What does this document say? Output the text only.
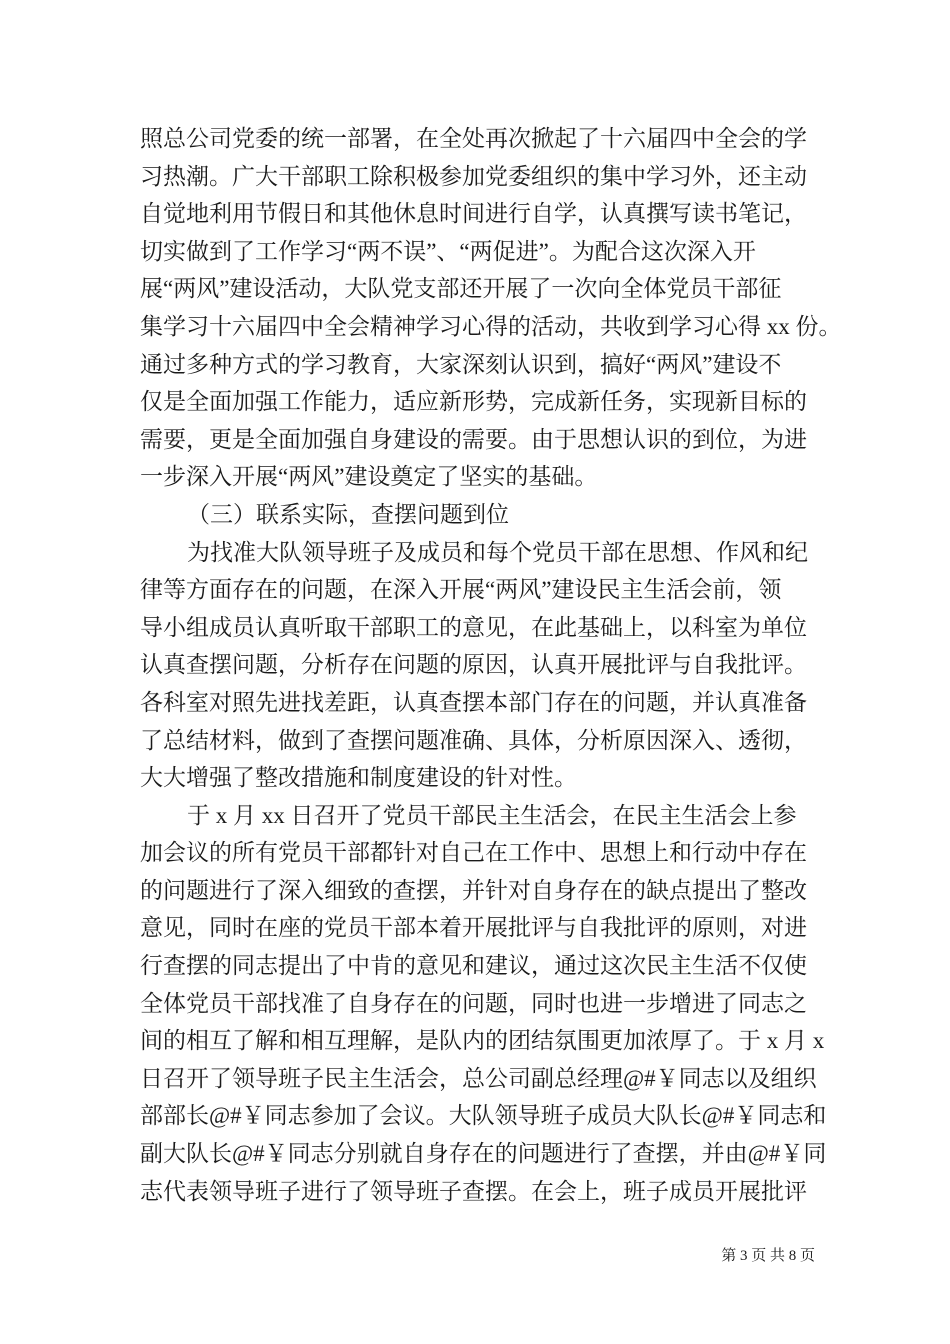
照总公司党委的统一部署，在全处再次掀起了十六届四中全会的学
习热潮。广大干部职工除积极参加党委组织的集中学习外，还主动
自觉地利用节假日和其他休息时间进行自学，认真撰写读书笔记，
切实做到了工作学习“两不误”、“两促进”。为配合这次深入开
展“两风”建设活动，大队党支部还开展了一次向全体党员干部征
集学习十六届四中全会精神学习心得的活动，共收到学习心得 xx 份。
通过多种方式的学习教育，大家深刻认识到，搞好“两风”建设不
仅是全面加强工作能力，适应新形势，完成新任务，实现新目标的
需要，更是全面加强自身建设的需要。由于思想认识的到位，为进
一步深入开展“两风”建设奠定了坚实的基础。
（三）联系实际，查摆问题到位
为找准大队领导班子及成员和每个党员干部在思想、作风和纪
律等方面存在的问题，在深入开展“两风”建设民主生活会前，领
导小组成员认真听取干部职工的意见，在此基础上，以科室为单位
认真查摆问题，分析存在问题的原因，认真开展批评与自我批评。
各科室对照先进找差距，认真查摆本部门存在的问题，并认真准备
了总结材料，做到了查摆问题准确、具体，分析原因深入、透彻，
大大增强了整改措施和制度建设的针对性。
于 x 月 xx 日召开了党员干部民主生活会，在民主生活会上参
加会议的所有党员干部都针对自己在工作中、思想上和行动中存在
的问题进行了深入细致的查摆，并针对自身存在的缺点提出了整改
意见，同时在座的党员干部本着开展批评与自我批评的原则，对进
行查摆的同志提出了中肯的意见和建议，通过这次民主生活不仅使
全体党员干部找准了自身存在的问题，同时也进一步增进了同志之
间的相互了解和相互理解，是队内的团结氛围更加浓厚了。于 x 月 x
日召开了领导班子民主生活会，总公司副总经理@#￥同志以及组织
部部长@#￥同志参加了会议。大队领导班子成员大队长@#￥同志和
副大队长@#￥同志分别就自身存在的问题进行了查摆，并由@#￥同
志代表领导班子进行了领导班子查摆。在会上，班子成员开展批评
第 3 页 共 8 页
